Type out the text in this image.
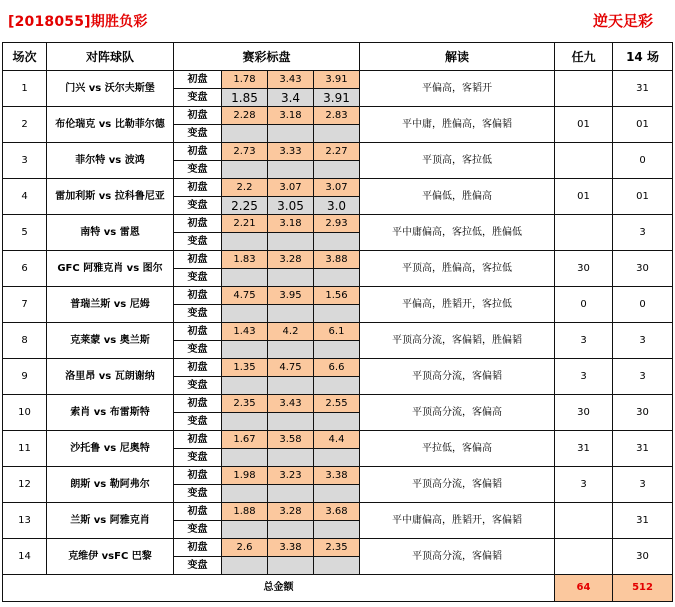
[2018055]期胜负彩	逆天足彩
场次	对阵球队	赛彩标盘				解读	任九	14 场
1	门兴 vs 沃尔夫斯堡	初盘	1.78	3.43	3.91	平偏高，客韬开		31
		变盘	1.85	3.4	3.91			
2	布伦瑞克 vs 比勒菲尔德	初盘	2.28	3.18	2.83	平中庸，胜偏高，客偏韬	01	01
		变盘						
3	菲尔特 vs 波鸿	初盘	2.73	3.33	2.27	平顶高，客拉低		0
		变盘						
4	雷加利斯 vs 拉科鲁尼亚	初盘	2.2	3.07	3.07	平偏低，胜偏高	01	01
		变盘	2.25	3.05	3.0			
5	南特 vs 雷恩	初盘	2.21	3.18	2.93	平中庸偏高，客拉低，胜偏低		3
		变盘						
6	GFC 阿雅克肖 vs 图尔	初盘	1.83	3.28	3.88	平顶高，胜偏高，客拉低	30	30
		变盘						
7	普瑞兰斯 vs 尼姆	初盘	4.75	3.95	1.56	平偏高，胜韬开，客拉低	0	0
		变盘						
8	克莱蒙 vs 奥兰斯	初盘	1.43	4.2	6.1	平顶高分流，客偏韬，胜偏韬	3	3
		变盘						
9	洛里昂 vs 瓦朗谢纳	初盘	1.35	4.75	6.6	平顶高分流，客偏韬	3	3
		变盘						
10	索肖 vs 布雷斯特	初盘	2.35	3.43	2.55	平顶高分流，客偏高	30	30
		变盘						
11	沙托鲁 vs 尼奥特	初盘	1.67	3.58	4.4	平拉低，客偏高	31	31
		变盘						
12	朗斯 vs 勒阿弗尔	初盘	1.98	3.23	3.38	平顶高分流，客偏韬	3	3
		变盘						
13	兰斯 vs 阿雅克肖	初盘	1.88	3.28	3.68	平中庸偏高，胜韬开，客偏韬		31
		变盘						
14	克维伊 vsFC 巴黎	初盘	2.6	3.38	2.35	平顶高分流，客偏韬		30
		变盘						
总金额							64	512
